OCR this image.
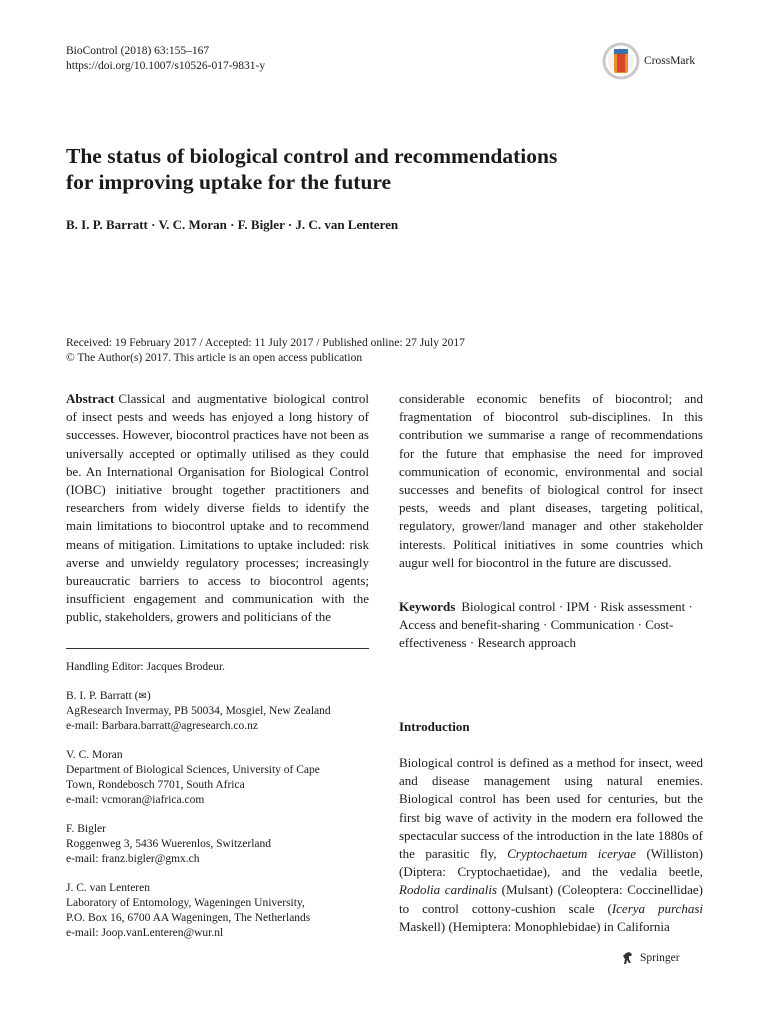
BioControl (2018) 63:155–167
https://doi.org/10.1007/s10526-017-9831-y	CrossMark
The status of biological control and recommendations
for improving uptake for the future
B. I. P. Barratt · V. C. Moran · F. Bigler · J. C. van Lenteren
Received: 19 February 2017 / Accepted: 11 July 2017 / Published online: 27 July 2017
© The Author(s) 2017. This article is an open access publication
Abstract Classical and augmentative biological control of insect pests and weeds has enjoyed a long history of successes. However, biocontrol practices have not been as universally accepted or optimally utilised as they could be. An International Organisation for Biological Control (IOBC) initiative brought together practitioners and researchers from widely diverse fields to identify the main limitations to biocontrol uptake and to recommend means of mitigation. Limitations to uptake included: risk averse and unwieldy regulatory processes; increasingly bureaucratic barriers to access to biocontrol agents; insufficient engagement and communication with the public, stakeholders, growers and politicians of the
considerable economic benefits of biocontrol; and fragmentation of biocontrol sub-disciplines. In this contribution we summarise a range of recommendations for the future that emphasise the need for improved communication of economic, environmental and social successes and benefits of biological control for insect pests, weeds and plant diseases, targeting political, regulatory, grower/land manager and other stakeholder interests. Political initiatives in some countries which augur well for biocontrol in the future are discussed.
Keywords Biological control · IPM · Risk assessment · Access and benefit-sharing · Communication · Cost-effectiveness · Research approach
Handling Editor: Jacques Brodeur.
B. I. P. Barratt (✉)
AgResearch Invermay, PB 50034, Mosgiel, New Zealand
e-mail: Barbara.barratt@agresearch.co.nz
V. C. Moran
Department of Biological Sciences, University of Cape
Town, Rondebosch 7701, South Africa
e-mail: vcmoran@iafrica.com
F. Bigler
Roggenweg 3, 5436 Wuerenlos, Switzerland
e-mail: franz.bigler@gmx.ch
J. C. van Lenteren
Laboratory of Entomology, Wageningen University,
P.O. Box 16, 6700 AA Wageningen, The Netherlands
e-mail: Joop.vanLenteren@wur.nl
Introduction
Biological control is defined as a method for insect, weed and disease management using natural enemies. Biological control has been used for centuries, but the first big wave of activity in the modern era followed the spectacular success of the introduction in the late 1880s of the parasitic fly, Cryptochaetum iceryae (Williston) (Diptera: Cryptochaetidae), and the vedalia beetle, Rodolia cardinalis (Mulsant) (Coleoptera: Coccinellidae) to control cottony-cushion scale (Icerya purchasi Maskell) (Hemiptera: Monophlebidae) in California
Springer
